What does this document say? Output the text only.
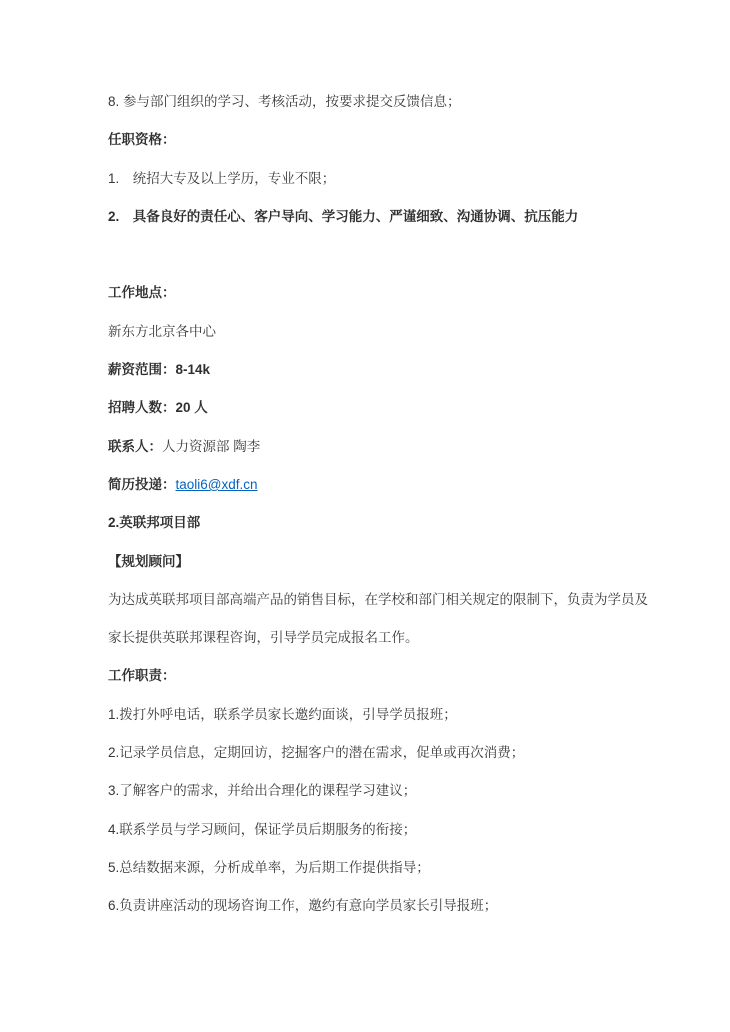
8. 参与部门组织的学习、考核活动，按要求提交反馈信息；

任职资格：

1.　统招大专及以上学历，专业不限；

2.　具备良好的责任心、客户导向、学习能力、严谨细致、沟通协调、抗压能力

工作地点：

新东方北京各中心

薪资范围：8-14k

招聘人数：20 人

联系人：人力资源部 陶李

简历投递：taoli6@xdf.cn

2.英联邦项目部

【规划顾问】

为达成英联邦项目部高端产品的销售目标，在学校和部门相关规定的限制下，负责为学员及

家长提供英联邦课程咨询，引导学员完成报名工作。

工作职责：

1.拨打外呼电话，联系学员家长邀约面谈，引导学员报班；

2.记录学员信息，定期回访，挖掘客户的潜在需求，促单或再次消费；

3.了解客户的需求，并给出合理化的课程学习建议；

4.联系学员与学习顾问，保证学员后期服务的衔接；

5.总结数据来源，分析成单率，为后期工作提供指导；

6.负责讲座活动的现场咨询工作，邀约有意向学员家长引导报班；
